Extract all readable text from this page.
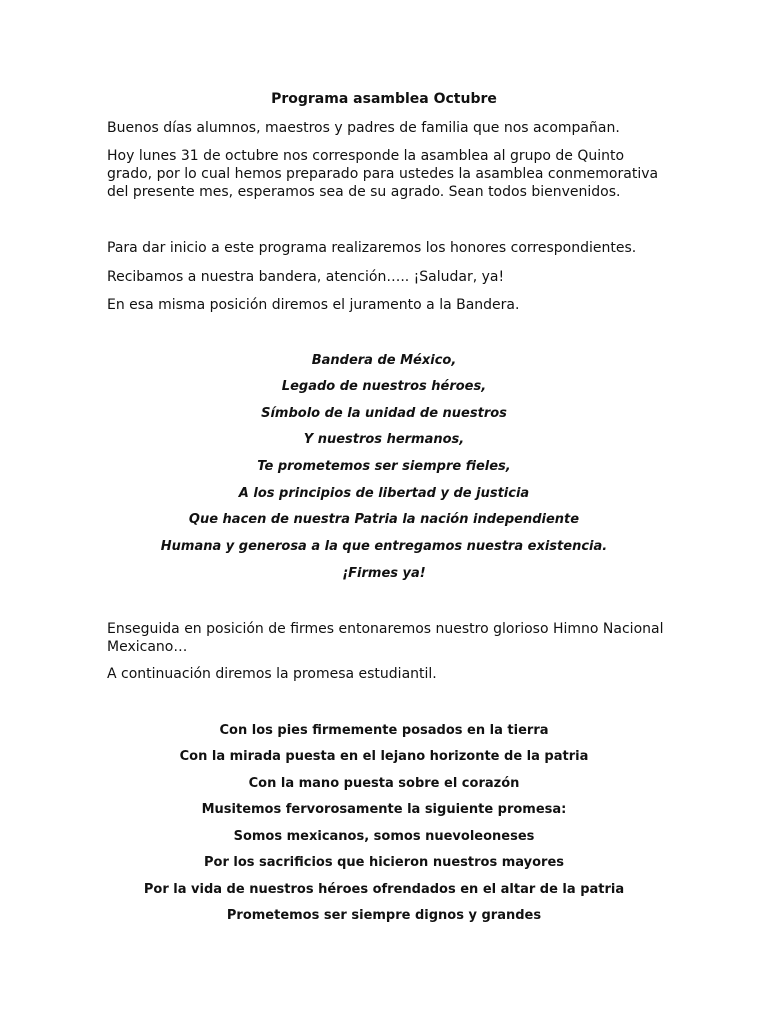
Programa asamblea Octubre

Buenos días alumnos, maestros y padres de familia que nos acompañan.

Hoy lunes 31 de octubre nos corresponde la asamblea al grupo de Quinto

grado, por lo cual hemos preparado para ustedes la asamblea conmemorativa

del presente mes, esperamos sea de su agrado. Sean todos bienvenidos.

Para dar inicio a este programa realizaremos los honores correspondientes.

Recibamos a nuestra bandera, atención….. ¡Saludar, ya!

En esa misma posición diremos el juramento a la Bandera.

Bandera de México,
Legado de nuestros héroes,
Símbolo de la unidad de nuestros
Y nuestros hermanos,
Te prometemos ser siempre fieles,
A los principios de libertad y de justicia
Que hacen de nuestra Patria la nación independiente
Humana y generosa a la que entregamos nuestra existencia.
¡Firmes ya!

Enseguida en posición de firmes entonaremos nuestro glorioso Himno Nacional

Mexicano…

A continuación diremos la promesa estudiantil.

Con los pies firmemente posados en la tierra
Con la mirada puesta en el lejano horizonte de la patria
Con la mano puesta sobre el corazón
Musitemos fervorosamente la siguiente promesa:
Somos mexicanos, somos nuevoleoneses
Por los sacrificios que hicieron nuestros mayores
Por la vida de nuestros héroes ofrendados en el altar de la patria
Prometemos ser siempre dignos y grandes
